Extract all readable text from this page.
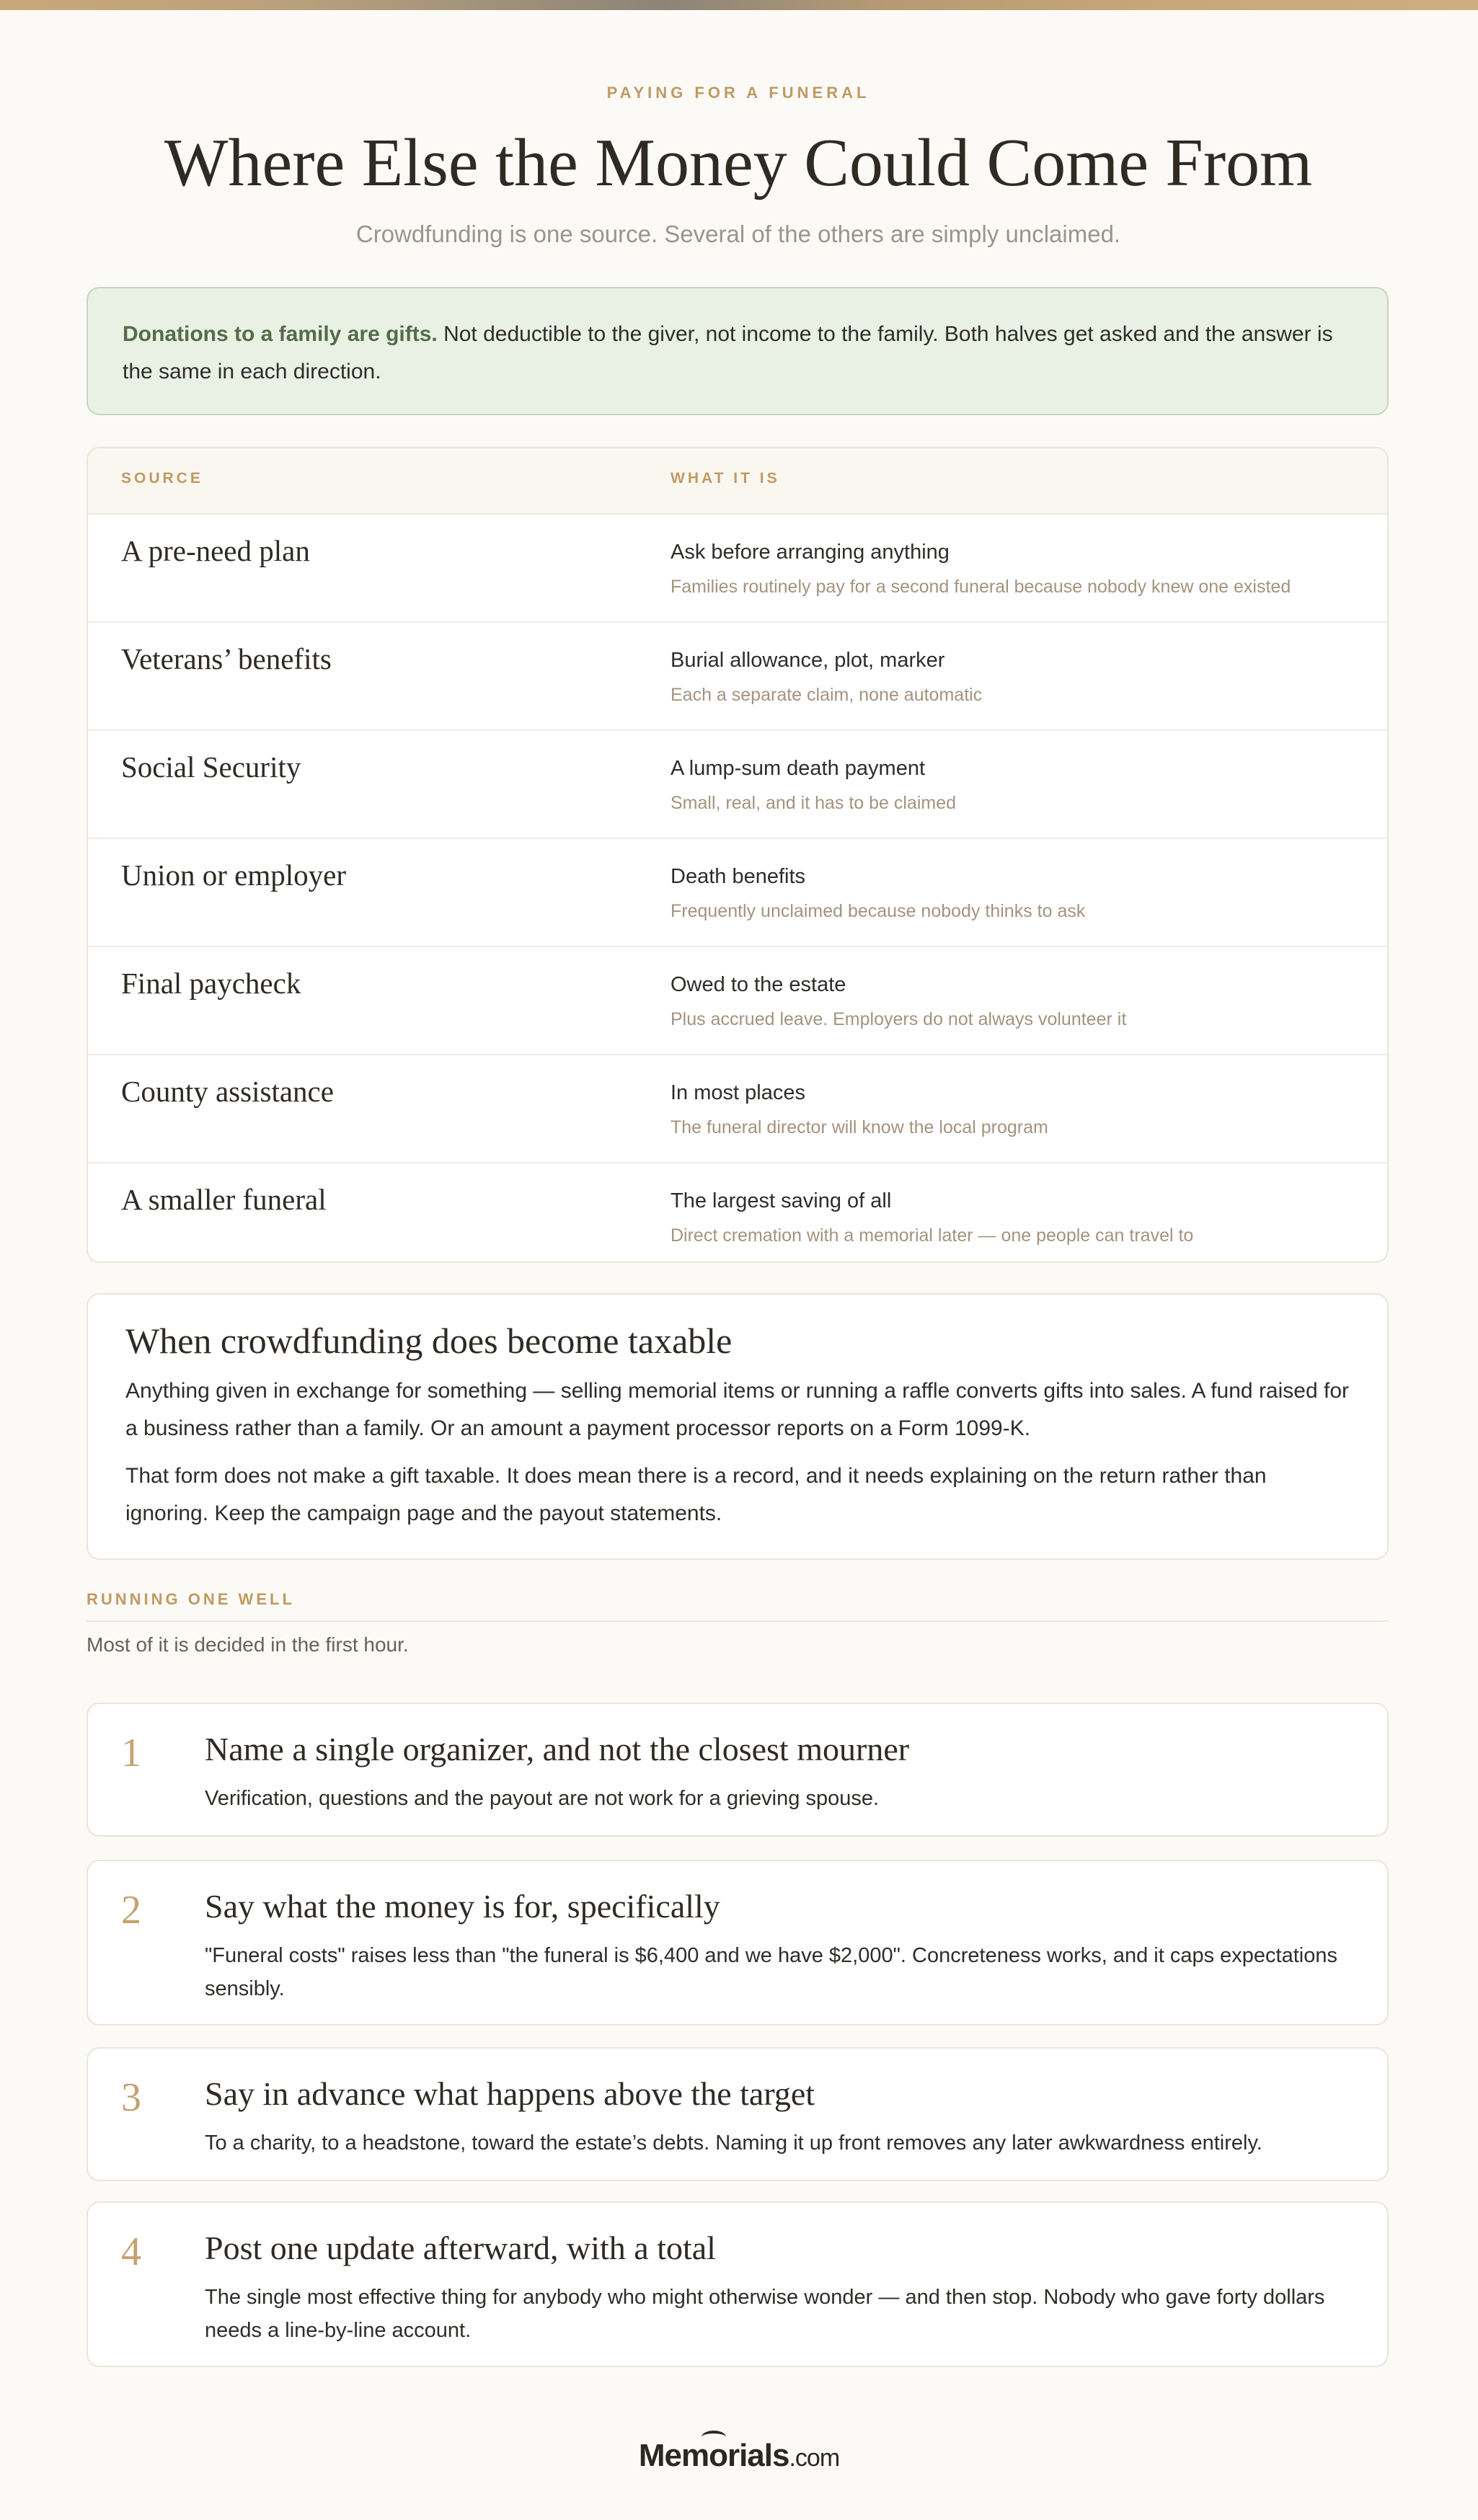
PAYING FOR A FUNERAL
Where Else the Money Could Come From
Crowdfunding is one source. Several of the others are simply unclaimed.
Donations to a family are gifts. Not deductible to the giver, not income to the family. Both halves get asked and the answer is the same in each direction.
SOURCE	WHAT IT IS
A pre-need plan	Ask before arranging anything
Families routinely pay for a second funeral because nobody knew one existed
Veterans’ benefits	Burial allowance, plot, marker
Each a separate claim, none automatic
Social Security	A lump-sum death payment
Small, real, and it has to be claimed
Union or employer	Death benefits
Frequently unclaimed because nobody thinks to ask
Final paycheck	Owed to the estate
Plus accrued leave. Employers do not always volunteer it
County assistance	In most places
The funeral director will know the local program
A smaller funeral	The largest saving of all
Direct cremation with a memorial later — one people can travel to
When crowdfunding does become taxable

Anything given in exchange for something — selling memorial items or running a raffle converts gifts into sales. A fund raised for a business rather than a family. Or an amount a payment processor reports on a Form 1099-K.

That form does not make a gift taxable. It does mean there is a record, and it needs explaining on the return rather than ignoring. Keep the campaign page and the payout statements.

RUNNING ONE WELL
Most of it is decided in the first hour.
1 Name a single organizer, and not the closest mourner
Verification, questions and the payout are not work for a grieving spouse.
2 Say what the money is for, specifically
"Funeral costs" raises less than "the funeral is $6,400 and we have $2,000". Concreteness works, and it caps expectations sensibly.
3 Say in advance what happens above the target
To a charity, to a headstone, toward the estate’s debts. Naming it up front removes any later awkwardness entirely.
4 Post one update afterward, with a total
The single most effective thing for anybody who might otherwise wonder — and then stop. Nobody who gave forty dollars needs a line-by-line account.
Memorials.com
